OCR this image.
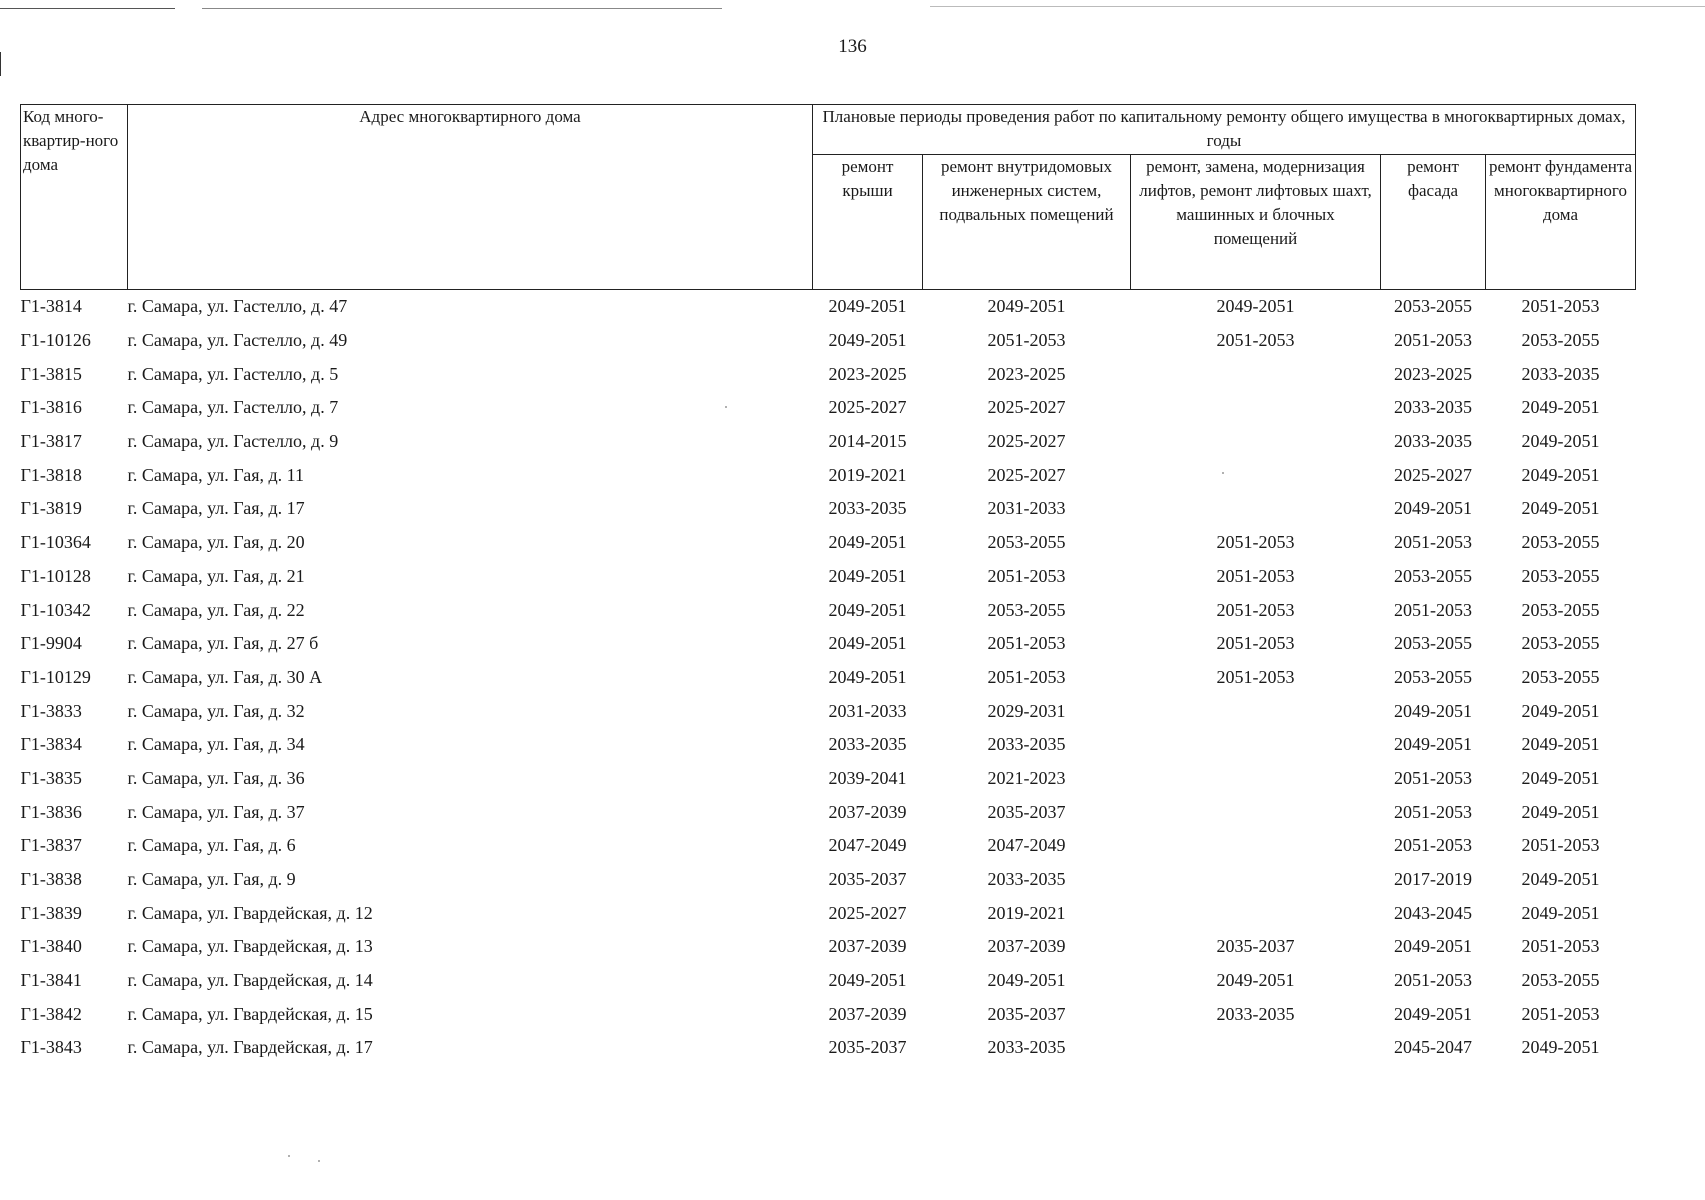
136
Код много-квартир-ного дома	Адрес многоквартирного дома	Плановые периоды проведения работ по капитальному ремонту общего имущества в многоквартирных домах, годы				
		ремонт крыши	ремонт внутридомовых инженерных систем, подвальных помещений	ремонт, замена, модернизация лифтов, ремонт лифтовых шахт, машинных и блочных помещений	ремонт фасада	ремонт фундамента многоквартирного дома
Г1-3814	г. Самара, ул. Гастелло, д. 47	2049-2051	2049-2051	2049-2051	2053-2055	2051-2053
Г1-10126	г. Самара, ул. Гастелло, д. 49	2049-2051	2051-2053	2051-2053	2051-2053	2053-2055
Г1-3815	г. Самара, ул. Гастелло, д. 5	2023-2025	2023-2025		2023-2025	2033-2035
Г1-3816	г. Самара, ул. Гастелло, д. 7	2025-2027	2025-2027		2033-2035	2049-2051
Г1-3817	г. Самара, ул. Гастелло, д. 9	2014-2015	2025-2027		2033-2035	2049-2051
Г1-3818	г. Самара, ул. Гая, д. 11	2019-2021	2025-2027		2025-2027	2049-2051
Г1-3819	г. Самара, ул. Гая, д. 17	2033-2035	2031-2033		2049-2051	2049-2051
Г1-10364	г. Самара, ул. Гая, д. 20	2049-2051	2053-2055	2051-2053	2051-2053	2053-2055
Г1-10128	г. Самара, ул. Гая, д. 21	2049-2051	2051-2053	2051-2053	2053-2055	2053-2055
Г1-10342	г. Самара, ул. Гая, д. 22	2049-2051	2053-2055	2051-2053	2051-2053	2053-2055
Г1-9904	г. Самара, ул. Гая, д. 27 б	2049-2051	2051-2053	2051-2053	2053-2055	2053-2055
Г1-10129	г. Самара, ул. Гая, д. 30 А	2049-2051	2051-2053	2051-2053	2053-2055	2053-2055
Г1-3833	г. Самара, ул. Гая, д. 32	2031-2033	2029-2031		2049-2051	2049-2051
Г1-3834	г. Самара, ул. Гая, д. 34	2033-2035	2033-2035		2049-2051	2049-2051
Г1-3835	г. Самара, ул. Гая, д. 36	2039-2041	2021-2023		2051-2053	2049-2051
Г1-3836	г. Самара, ул. Гая, д. 37	2037-2039	2035-2037		2051-2053	2049-2051
Г1-3837	г. Самара, ул. Гая, д. 6	2047-2049	2047-2049		2051-2053	2051-2053
Г1-3838	г. Самара, ул. Гая, д. 9	2035-2037	2033-2035		2017-2019	2049-2051
Г1-3839	г. Самара, ул. Гвардейская, д. 12	2025-2027	2019-2021		2043-2045	2049-2051
Г1-3840	г. Самара, ул. Гвардейская, д. 13	2037-2039	2037-2039	2035-2037	2049-2051	2051-2053
Г1-3841	г. Самара, ул. Гвардейская, д. 14	2049-2051	2049-2051	2049-2051	2051-2053	2053-2055
Г1-3842	г. Самара, ул. Гвардейская, д. 15	2037-2039	2035-2037	2033-2035	2049-2051	2051-2053
Г1-3843	г. Самара, ул. Гвардейская, д. 17	2035-2037	2033-2035		2045-2047	2049-2051
